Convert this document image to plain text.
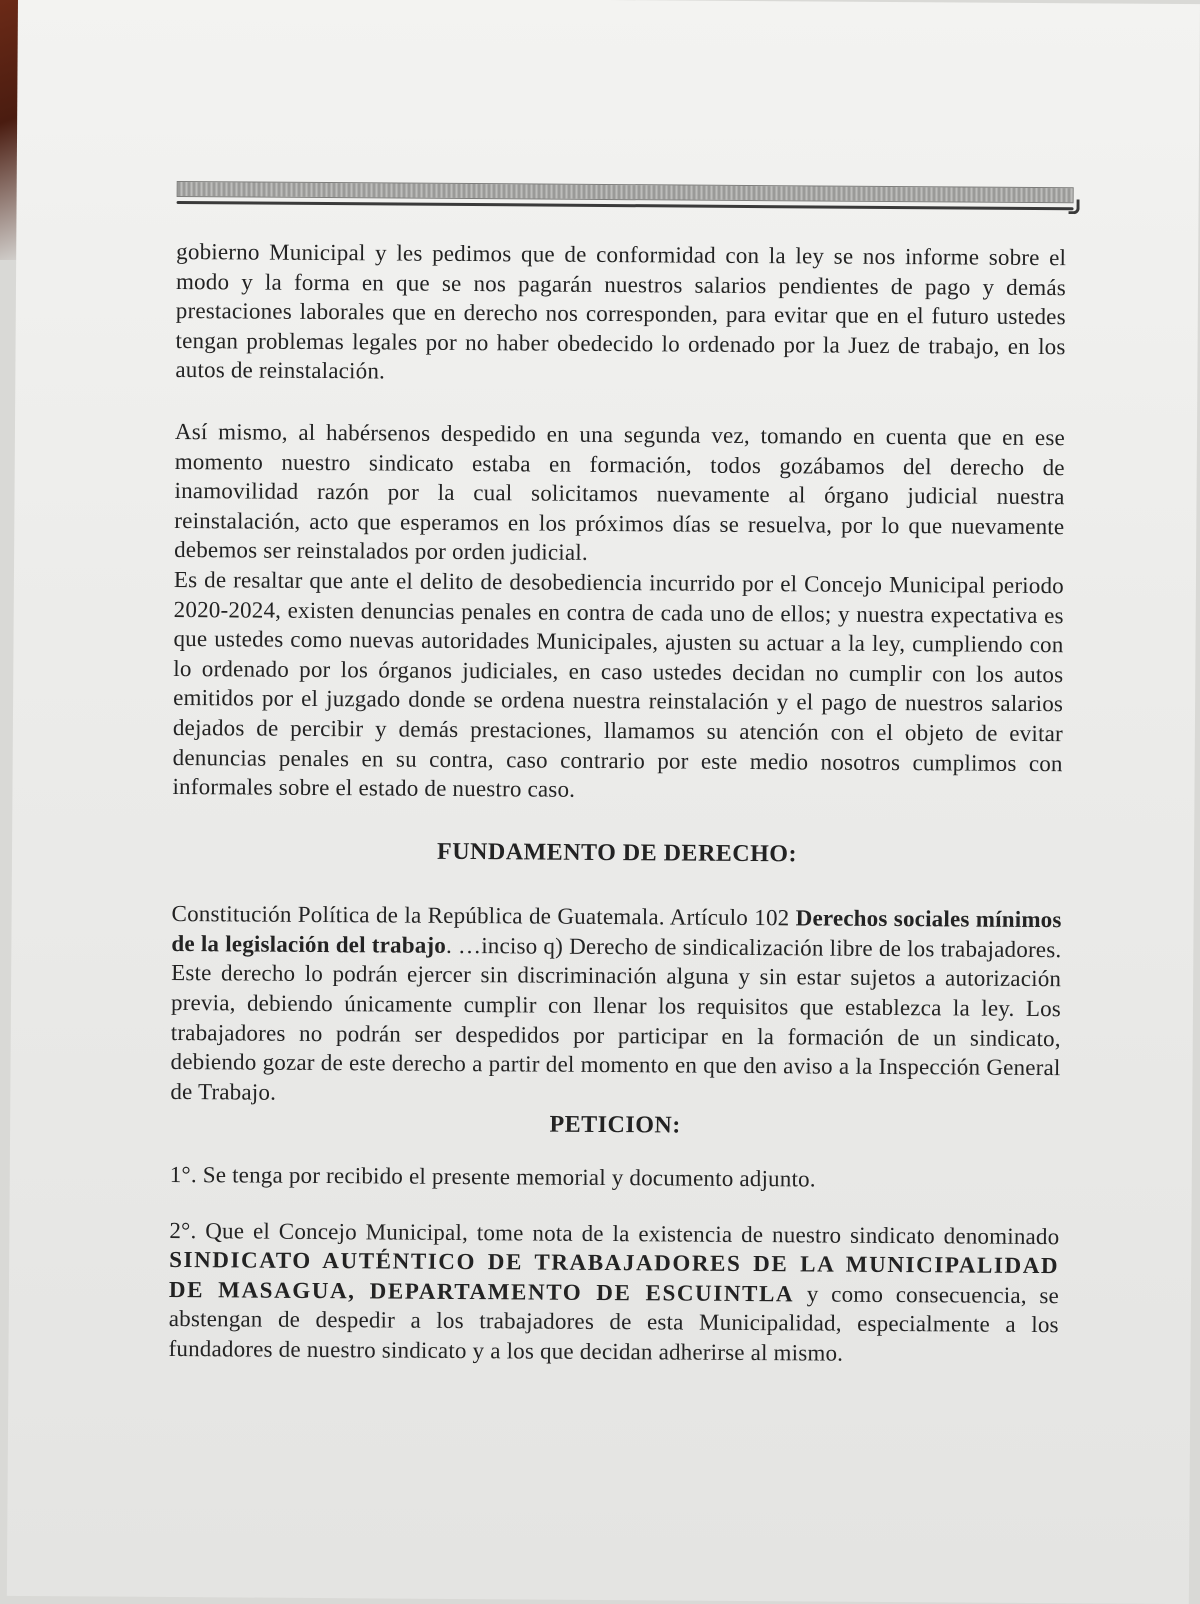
gobierno Municipal y les pedimos que de conformidad con la ley se nos informe sobre el modo y la forma en que se nos pagarán nuestros salarios pendientes de pago y demás prestaciones laborales que en derecho nos corresponden, para evitar que en el futuro ustedes tengan problemas legales por no haber obedecido lo ordenado por la Juez de trabajo, en los autos de reinstalación.

Así mismo, al habérsenos despedido en una segunda vez, tomando en cuenta que en ese momento nuestro sindicato estaba en formación, todos gozábamos del derecho de inamovilidad razón por la cual solicitamos nuevamente al órgano judicial nuestra reinstalación, acto que esperamos en los próximos días se resuelva, por lo que nuevamente debemos ser reinstalados por orden judicial.

Es de resaltar que ante el delito de desobediencia incurrido por el Concejo Municipal periodo 2020-2024, existen denuncias penales en contra de cada uno de ellos; y nuestra expectativa es que ustedes como nuevas autoridades Municipales, ajusten su actuar a la ley, cumpliendo con lo ordenado por los órganos judiciales, en caso ustedes decidan no cumplir con los autos emitidos por el juzgado donde se ordena nuestra reinstalación y el pago de nuestros salarios dejados de percibir y demás prestaciones, llamamos su atención con el objeto de evitar denuncias penales en su contra, caso contrario por este medio nosotros cumplimos con informales sobre el estado de nuestro caso.

FUNDAMENTO DE DERECHO:

Constitución Política de la República de Guatemala. Artículo 102 Derechos sociales mínimos de la legislación del trabajo. …inciso q) Derecho de sindicalización libre de los trabajadores. Este derecho lo podrán ejercer sin discriminación alguna y sin estar sujetos a autorización previa, debiendo únicamente cumplir con llenar los requisitos que establezca la ley. Los trabajadores no podrán ser despedidos por participar en la formación de un sindicato, debiendo gozar de este derecho a partir del momento en que den aviso a la Inspección General de Trabajo.

PETICION:

1°. Se tenga por recibido el presente memorial y documento adjunto.

2°. Que el Concejo Municipal, tome nota de la existencia de nuestro sindicato denominado SINDICATO AUTÉNTICO DE TRABAJADORES DE LA MUNICIPALIDAD DE MASAGUA, DEPARTAMENTO DE ESCUINTLA y como consecuencia, se abstengan de despedir a los trabajadores de esta Municipalidad, especialmente a los fundadores de nuestro sindicato y a los que decidan adherirse al mismo.
